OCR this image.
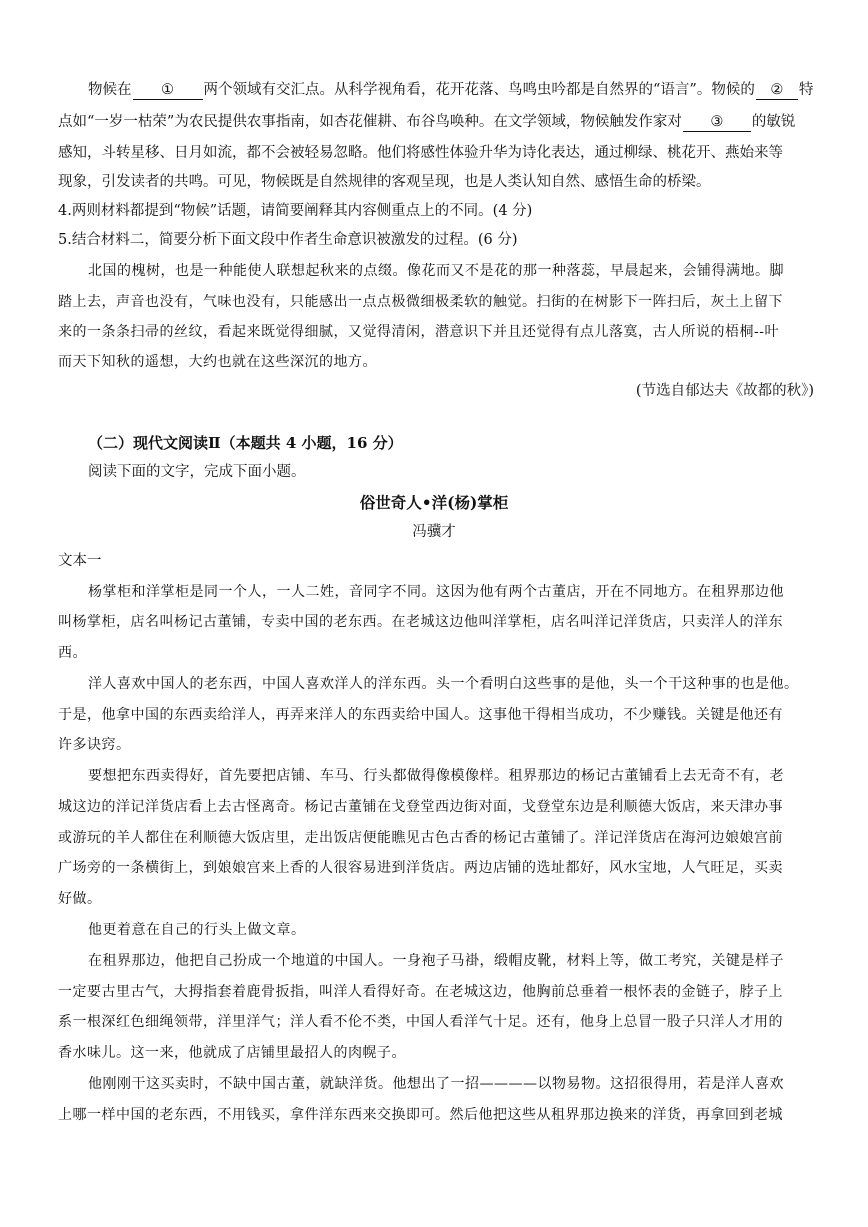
物候在 ① 两个领域有交汇点。从科学视角看，花开花落、鸟鸣虫吟都是自然界的“语言”。物候的 ② 特
点如“一岁一枯荣”为农民提供农事指南，如杏花催耕、布谷鸟唤种。在文学领域，物候触发作家对 ③ 的敏锐
感知，斗转星移、日月如流，都不会被轻易忽略。他们将感性体验升华为诗化表达，通过柳绿、桃花开、燕始来等
现象，引发读者的共鸣。可见，物候既是自然规律的客观呈现，也是人类认知自然、感悟生命的桥梁。
4.两则材料都提到“物候”话题，请简要阐释其内容侧重点上的不同。(4 分)
5.结合材料二，简要分析下面文段中作者生命意识被激发的过程。(6 分)
北国的槐树，也是一种能使人联想起秋来的点缀。像花而又不是花的那一种落蕊，早晨起来，会铺得满地。脚
踏上去，声音也没有，气味也没有，只能感出一点点极微细极柔软的触觉。扫街的在树影下一阵扫后，灰土上留下
来的一条条扫帚的丝纹，看起来既觉得细腻，又觉得清闲，潜意识下并且还觉得有点儿落寞，古人所说的梧桐--叶
而天下知秋的遥想，大约也就在这些深沉的地方。
(节选自郁达夫《故都的秋》)
（二）现代文阅读Ⅱ（本题共 4 小题，16 分）
阅读下面的文字，完成下面小题。
俗世奇人•洋(杨)掌柜
冯骥才
文本一
杨掌柜和洋掌柜是同一个人，一人二姓，音同字不同。这因为他有两个古董店，开在不同地方。在租界那边他
叫杨掌柜，店名叫杨记古董铺，专卖中国的老东西。在老城这边他叫洋掌柜，店名叫洋记洋货店，只卖洋人的洋东
西。
洋人喜欢中国人的老东西，中国人喜欢洋人的洋东西。头一个看明白这些事的是他，头一个干这种事的也是他。
于是，他拿中国的东西卖给洋人，再弄来洋人的东西卖给中国人。这事他干得相当成功，不少赚钱。关键是他还有
许多诀窍。
要想把东西卖得好，首先要把店铺、车马、行头都做得像模像样。租界那边的杨记古董铺看上去无奇不有，老
城这边的洋记洋货店看上去古怪离奇。杨记古董铺在戈登堂西边街对面，戈登堂东边是利顺德大饭店，来天津办事
或游玩的羊人都住在利顺德大饭店里，走出饭店便能瞧见古色古香的杨记古董铺了。洋记洋货店在海河边娘娘宫前
广场旁的一条横街上，到娘娘宫来上香的人很容易进到洋货店。两边店铺的选址都好，风水宝地，人气旺足，买卖
好做。
他更着意在自己的行头上做文章。
在租界那边，他把自己扮成一个地道的中国人。一身袍子马褂，缎帽皮靴，材料上等，做工考究，关键是样子
一定要古里古气，大拇指套着鹿骨扳指，叫洋人看得好奇。在老城这边，他胸前总垂着一根怀表的金链子，脖子上
系一根深红色细绳领带，洋里洋气；洋人看不伦不类，中国人看洋气十足。还有，他身上总冒一股子只洋人才用的
香水味儿。这一来，他就成了店铺里最招人的肉幌子。
他刚刚干这买卖时，不缺中国古董，就缺洋货。他想出了一招————以物易物。这招很得用，若是洋人喜欢
上哪一样中国的老东西，不用钱买，拿件洋东西来交换即可。然后他把这些从租界那边换来的洋货，再拿回到老城
